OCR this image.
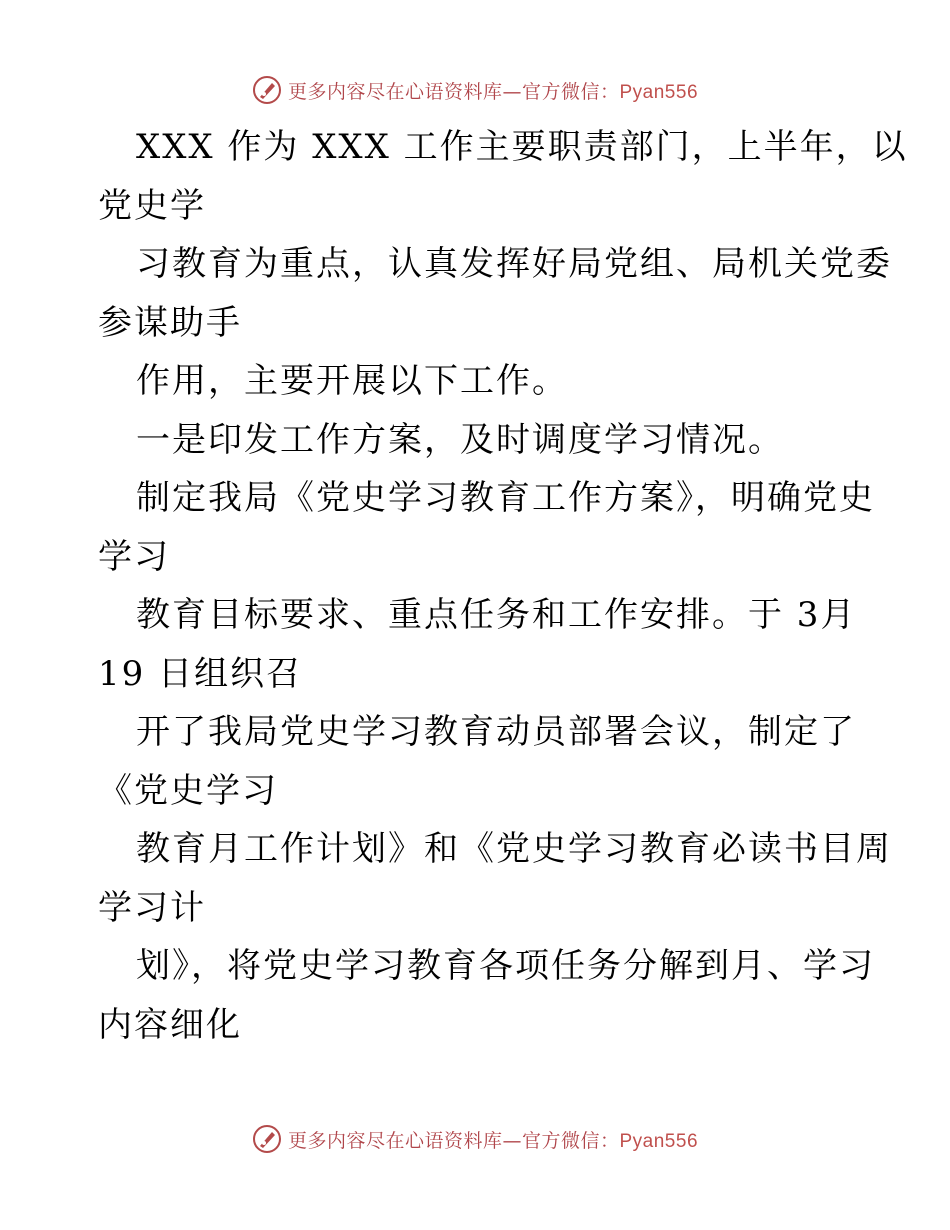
更多内容尽在心语资料库—官方微信：Pyan556
XXX 作为 XXX 工作主要职责部门，上半年，以
党史学
习教育为重点，认真发挥好局党组、局机关党委
参谋助手
作用，主要开展以下工作。
一是印发工作方案，及时调度学习情况。
制定我局《党史学习教育工作方案》，明确党史
学习
教育目标要求、重点任务和工作安排。于 3月
19 日组织召
开了我局党史学习教育动员部署会议，制定了
《党史学习
教育月工作计划》和《党史学习教育必读书目周
学习计
划》，将党史学习教育各项任务分解到月、学习
内容细化
更多内容尽在心语资料库—官方微信：Pyan556
